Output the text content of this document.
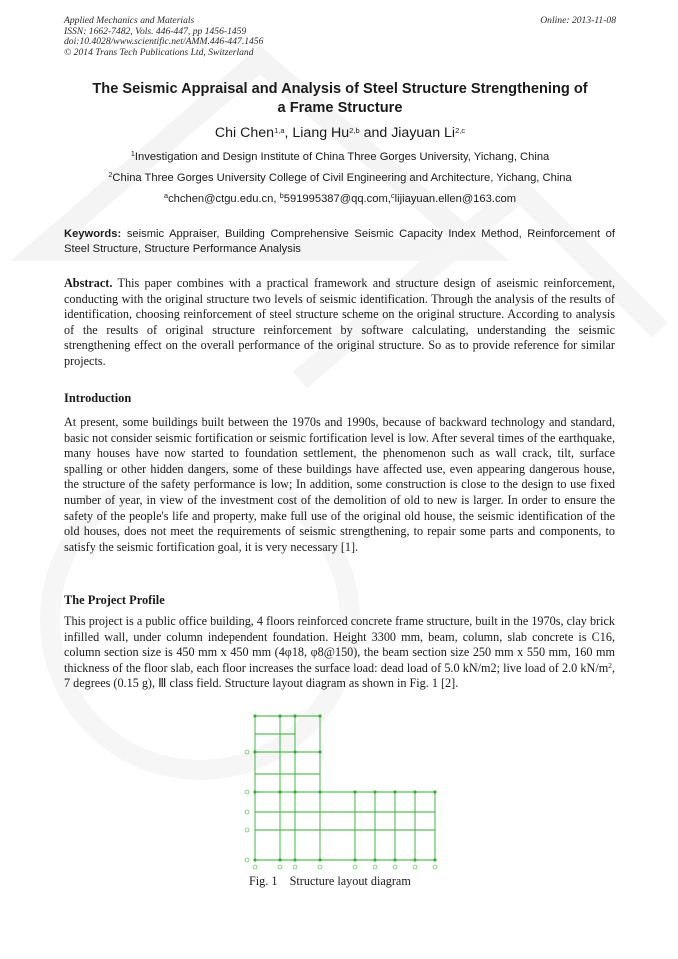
Applied Mechanics and Materials
ISSN: 1662-7482, Vols. 446-447, pp 1456-1459
doi:10.4028/www.scientific.net/AMM.446-447.1456
© 2014 Trans Tech Publications Ltd, Switzerland
Online: 2013-11-08
The Seismic Appraisal and Analysis of Steel Structure Strengthening of
a Frame Structure
Chi Chen$^{1,a}$, Liang Hu$^{2,b}$ and Jiayuan Li$^{2,c}$
$^1$Investigation and Design Institute of China Three Gorges University, Yichang, China
$^2$China Three Gorges University College of Civil Engineering and Architecture, Yichang, China
$^a$chchen@ctgu.edu.cn, $^b$591995387@qq.com,$^c$lijiayuan.ellen@163.com
Keywords: seismic Appraiser, Building Comprehensive Seismic Capacity Index Method, Reinforcement of Steel Structure, Structure Performance Analysis
Abstract. This paper combines with a practical framework and structure design of aseismic reinforcement, conducting with the original structure two levels of seismic identification. Through the analysis of the results of identification, choosing reinforcement of steel structure scheme on the original structure. According to analysis of the results of original structure reinforcement by software calculating, understanding the seismic strengthening effect on the overall performance of the original structure. So as to provide reference for similar projects.
Introduction
At present, some buildings built between the 1970s and 1990s, because of backward technology and standard, basic not consider seismic fortification or seismic fortification level is low. After several times of the earthquake, many houses have now started to foundation settlement, the phenomenon such as wall crack, tilt, surface spalling or other hidden dangers, some of these buildings have affected use, even appearing dangerous house, the structure of the safety performance is low; In addition, some construction is close to the design to use fixed number of year, in view of the investment cost of the demolition of old to new is larger. In order to ensure the safety of the people's life and property, make full use of the original old house, the seismic identification of the old houses, does not meet the requirements of seismic strengthening, to repair some parts and components, to satisfy the seismic fortification goal, it is very necessary [1].
The Project Profile
This project is a public office building, 4 floors reinforced concrete frame structure, built in the 1970s, clay brick infilled wall, under column independent foundation. Height 3300 mm, beam, column, slab concrete is C16, column section size is 450 mm x 450 mm (4φ18, φ8@150), the beam section size 250 mm x 550 mm, 160 mm thickness of the floor slab, each floor increases the surface load: dead load of 5.0 kN/m2; live load of 2.0 $kN/m^2$, 7 degrees (0.15 g), Ⅲ class field. Structure layout diagram as shown in Fig. 1 [2].
Fig. 1    Structure layout diagram
